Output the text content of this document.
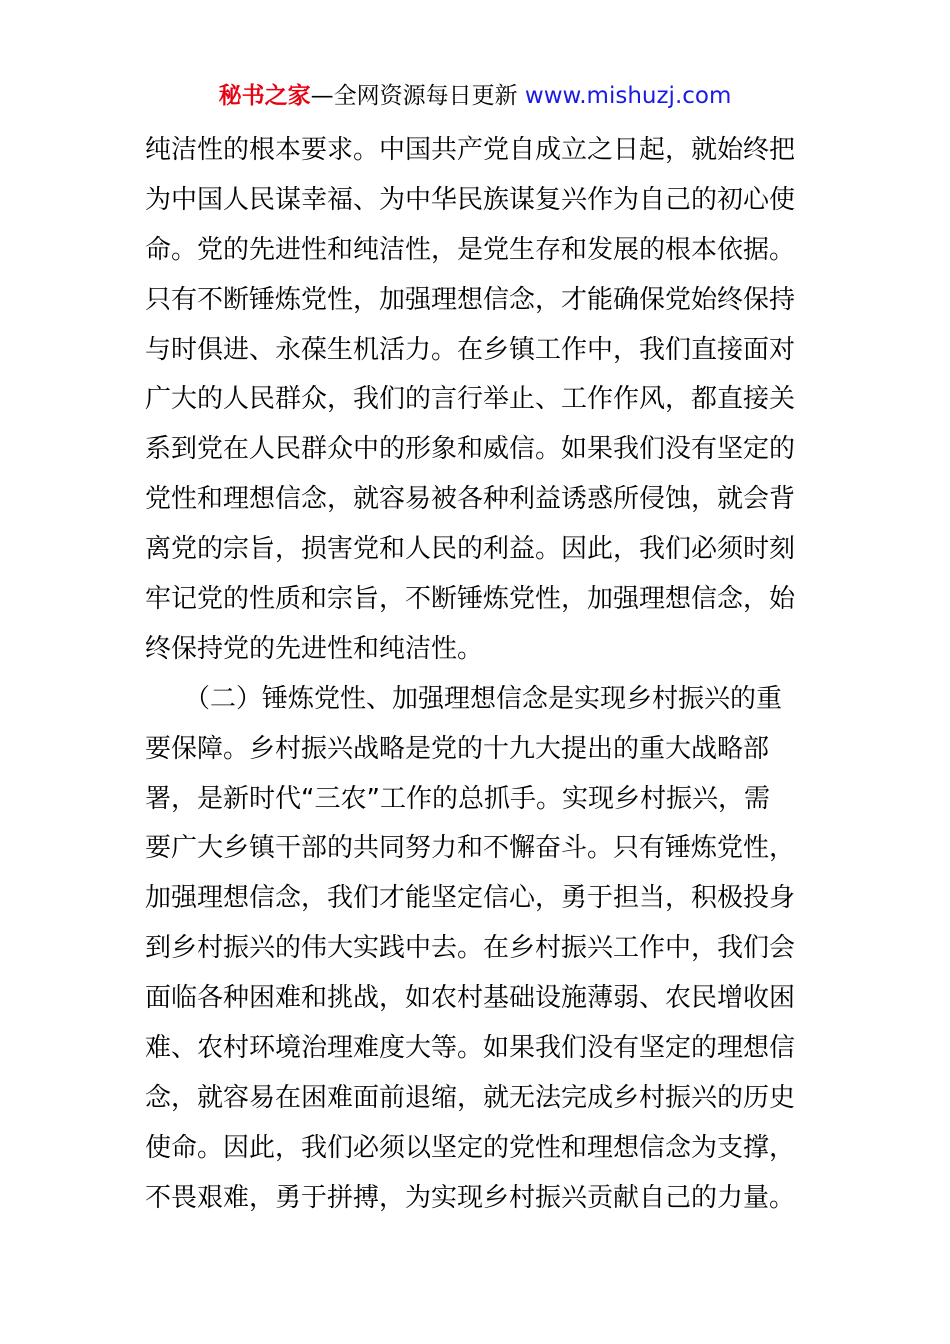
秘书之家—全网资源每日更新 www.mishuzj.com
纯洁性的根本要求。中国共产党自成立之日起，就始终把
为中国人民谋幸福、为中华民族谋复兴作为自己的初心使
命。党的先进性和纯洁性，是党生存和发展的根本依据。
只有不断锤炼党性，加强理想信念，才能确保党始终保持
与时俱进、永葆生机活力。在乡镇工作中，我们直接面对
广大的人民群众，我们的言行举止、工作作风，都直接关
系到党在人民群众中的形象和威信。如果我们没有坚定的
党性和理想信念，就容易被各种利益诱惑所侵蚀，就会背
离党的宗旨，损害党和人民的利益。因此，我们必须时刻
牢记党的性质和宗旨，不断锤炼党性，加强理想信念，始
终保持党的先进性和纯洁性。
　　（二）锤炼党性、加强理想信念是实现乡村振兴的重
要保障。乡村振兴战略是党的十九大提出的重大战略部
署，是新时代“三农”工作的总抓手。实现乡村振兴，需
要广大乡镇干部的共同努力和不懈奋斗。只有锤炼党性，
加强理想信念，我们才能坚定信心，勇于担当，积极投身
到乡村振兴的伟大实践中去。在乡村振兴工作中，我们会
面临各种困难和挑战，如农村基础设施薄弱、农民增收困
难、农村环境治理难度大等。如果我们没有坚定的理想信
念，就容易在困难面前退缩，就无法完成乡村振兴的历史
使命。因此，我们必须以坚定的党性和理想信念为支撑，
不畏艰难，勇于拼搏，为实现乡村振兴贡献自己的力量。
